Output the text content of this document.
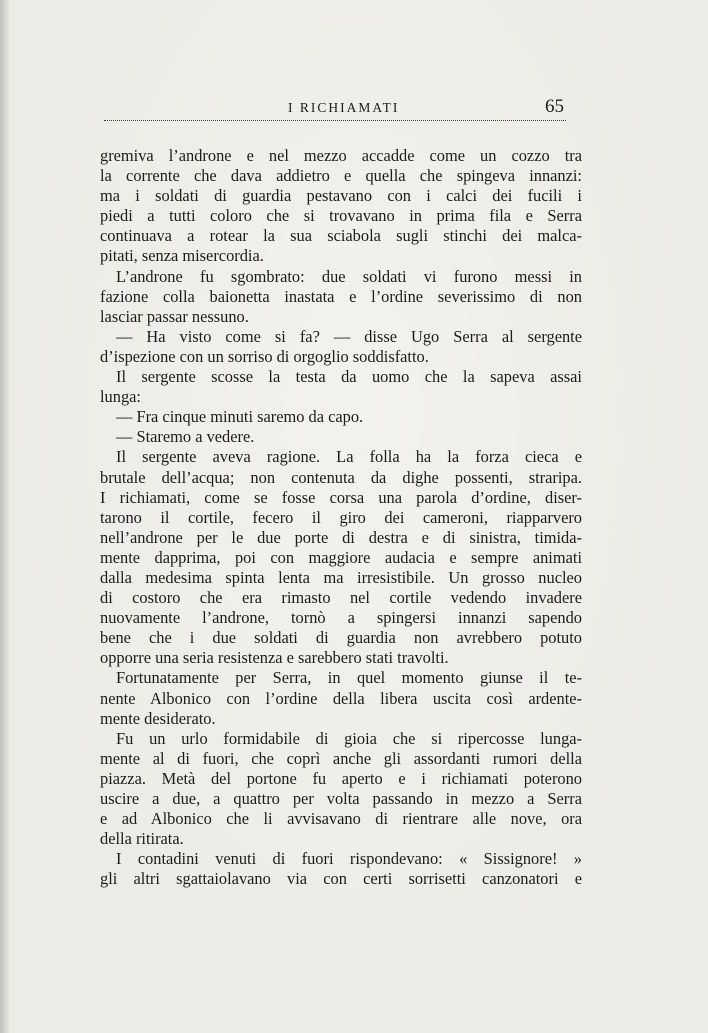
I RICHIAMATI	65
gremiva l’androne e nel mezzo accadde come un cozzo tra
la corrente che dava addietro e quella che spingeva innanzi:
ma i soldati di guardia pestavano con i calci dei fucili i
piedi a tutti coloro che si trovavano in prima fila e Serra
continuava a rotear la sua sciabola sugli stinchi dei malca-
pitati, senza misercordia.
L’androne fu sgombrato: due soldati vi furono messi in
fazione colla baionetta inastata e l’ordine severissimo di non
lasciar passar nessuno.
— Ha visto come si fa? — disse Ugo Serra al sergente
d’ispezione con un sorriso di orgoglio soddisfatto.
Il sergente scosse la testa da uomo che la sapeva assai
lunga:
— Fra cinque minuti saremo da capo.
— Staremo a vedere.
Il sergente aveva ragione. La folla ha la forza cieca e
brutale dell’acqua; non contenuta da dighe possenti, straripa.
I richiamati, come se fosse corsa una parola d’ordine, diser-
tarono il cortile, fecero il giro dei cameroni, riapparvero
nell’androne per le due porte di destra e di sinistra, timida-
mente dapprima, poi con maggiore audacia e sempre animati
dalla medesima spinta lenta ma irresistibile. Un grosso nucleo
di costoro che era rimasto nel cortile vedendo invadere
nuovamente l’androne, tornò a spingersi innanzi sapendo
bene che i due soldati di guardia non avrebbero potuto
opporre una seria resistenza e sarebbero stati travolti.
Fortunatamente per Serra, in quel momento giunse il te-
nente Albonico con l’ordine della libera uscita così ardente-
mente desiderato.
Fu un urlo formidabile di gioia che si ripercosse lunga-
mente al di fuori, che coprì anche gli assordanti rumori della
piazza. Metà del portone fu aperto e i richiamati poterono
uscire a due, a quattro per volta passando in mezzo a Serra
e ad Albonico che li avvisavano di rientrare alle nove, ora
della ritirata.
I contadini venuti di fuori rispondevano: « Sissignore! »
gli altri sgattaiolavano via con certi sorrisetti canzonatori e
